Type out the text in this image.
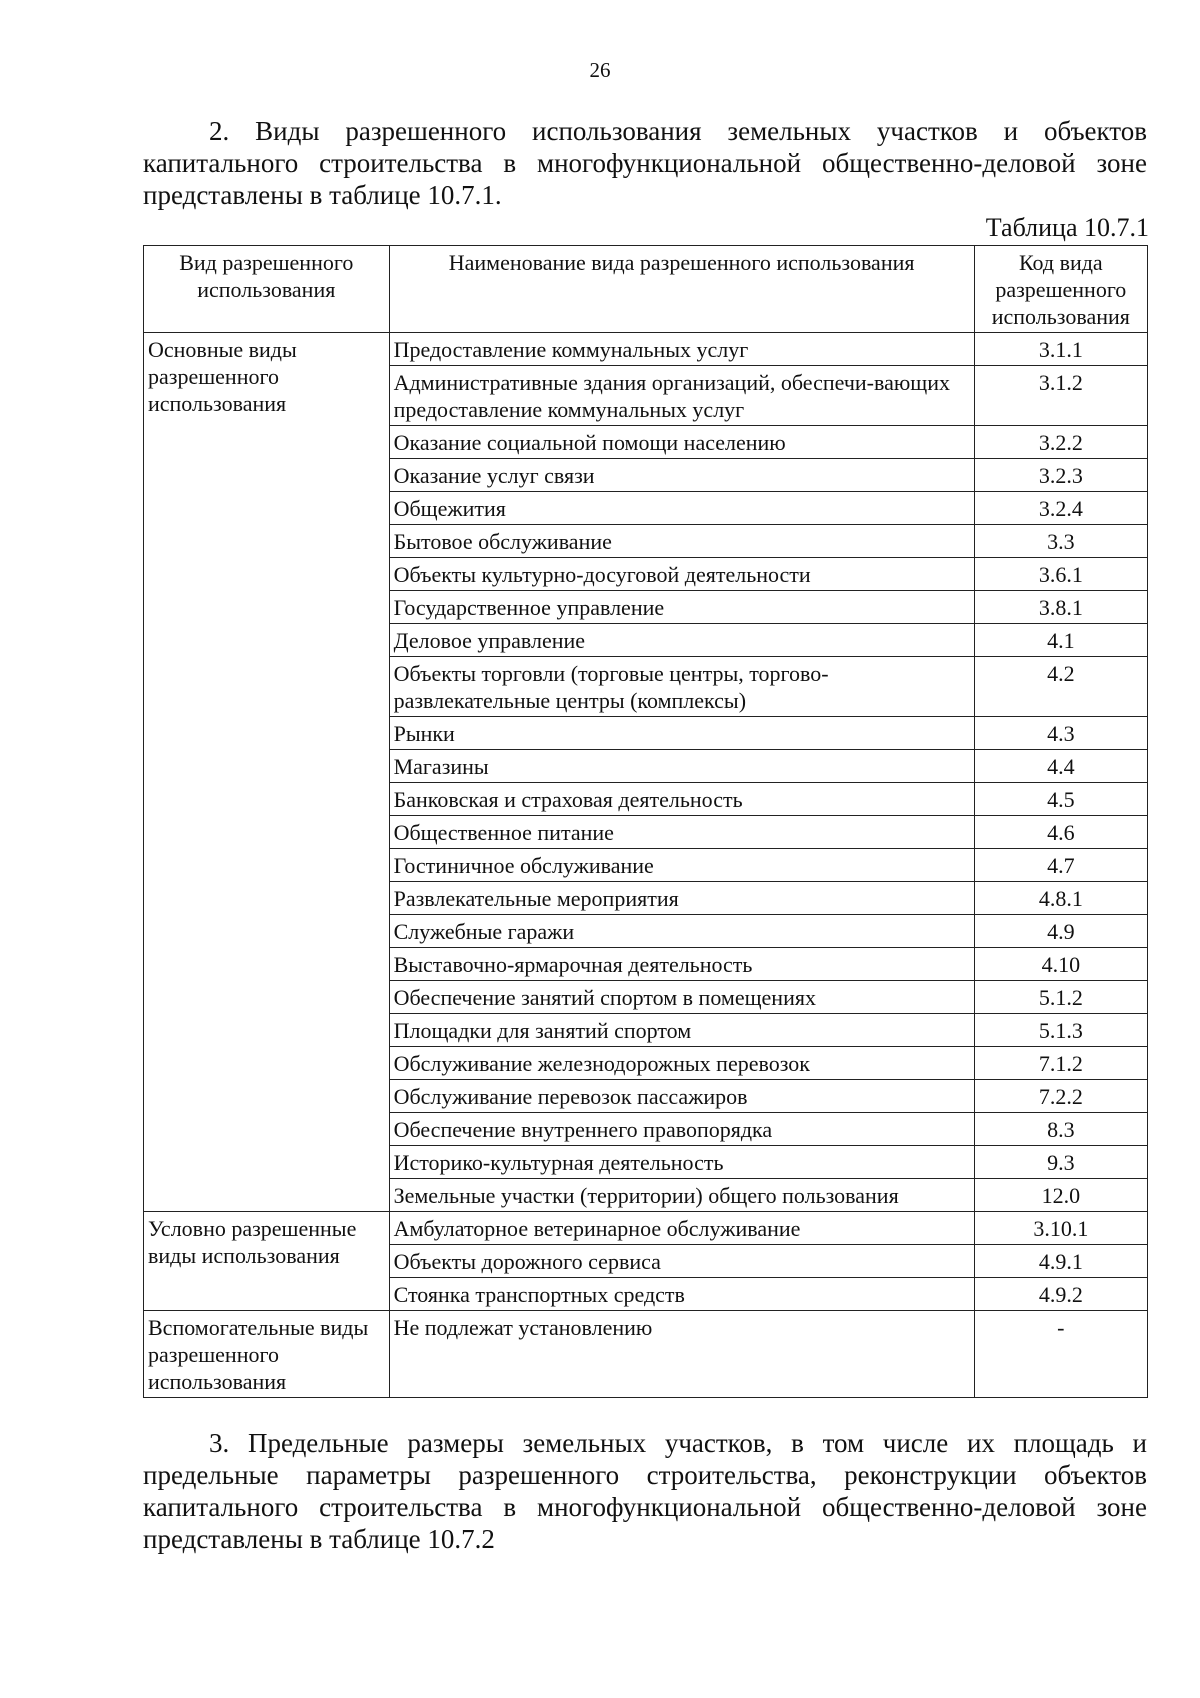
26

2. Виды разрешенного использования земельных участков и объектов капитального строительства в многофункциональной общественно-деловой зоне представлены в таблице 10.7.1.

Таблица 10.7.1
Вид разрешенного использования	Наименование вида разрешенного использования	Код вида разрешенного использования
Основные виды разрешенного использования	Предоставление коммунальных услуг	3.1.1
	Административные здания организаций, обеспечи-вающих предоставление коммунальных услуг	3.1.2
	Оказание социальной помощи населению	3.2.2
	Оказание услуг связи	3.2.3
	Общежития	3.2.4
	Бытовое обслуживание	3.3
	Объекты культурно-досуговой деятельности	3.6.1
	Государственное управление	3.8.1
	Деловое управление	4.1
	Объекты торговли (торговые центры, торгово-развлекательные центры (комплексы)	4.2
	Рынки	4.3
	Магазины	4.4
	Банковская и страховая деятельность	4.5
	Общественное питание	4.6
	Гостиничное обслуживание	4.7
	Развлекательные мероприятия	4.8.1
	Служебные гаражи	4.9
	Выставочно-ярмарочная деятельность	4.10
	Обеспечение занятий спортом в помещениях	5.1.2
	Площадки для занятий спортом	5.1.3
	Обслуживание железнодорожных перевозок	7.1.2
	Обслуживание перевозок пассажиров	7.2.2
	Обеспечение внутреннего правопорядка	8.3
	Историко-культурная деятельность	9.3
	Земельные участки (территории) общего пользования	12.0
Условно разрешенные виды использования	Амбулаторное ветеринарное обслуживание	3.10.1
	Объекты дорожного сервиса	4.9.1
	Стоянка транспортных средств	4.9.2
Вспомогательные виды разрешенного использования	Не подлежат установлению	-

3. Предельные размеры земельных участков, в том числе их площадь и предельные параметры разрешенного строительства, реконструкции объектов капитального строительства в многофункциональной общественно-деловой зоне представлены в таблице 10.7.2
